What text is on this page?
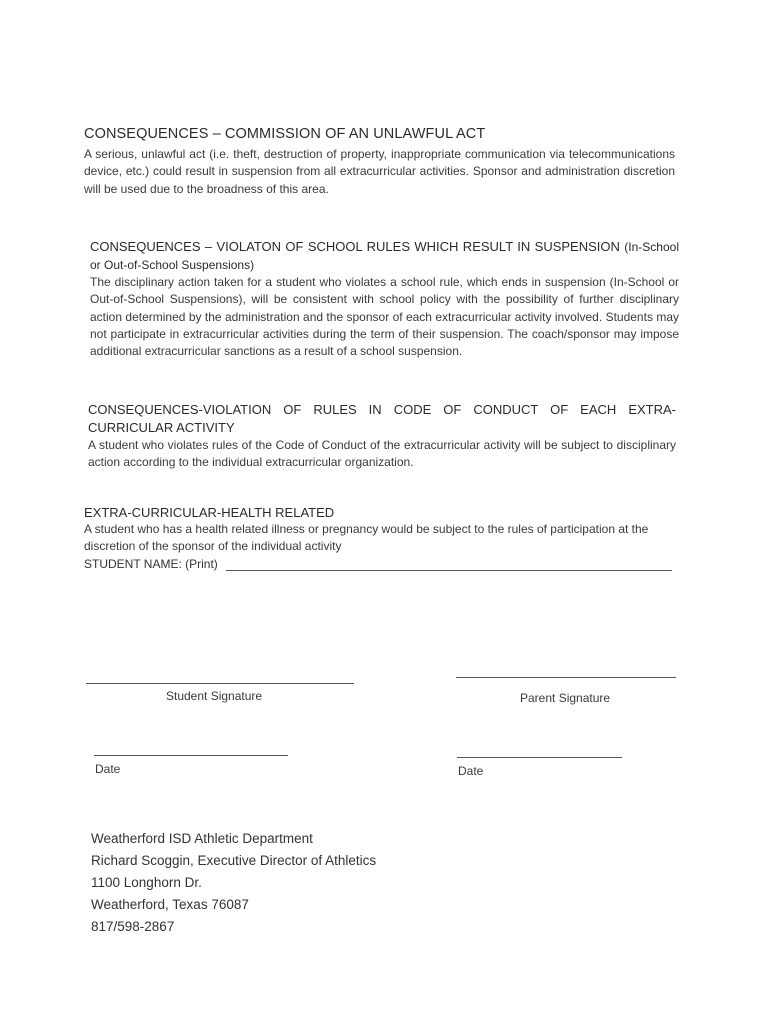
CONSEQUENCES – COMMISSION OF AN UNLAWFUL ACT
A serious, unlawful act (i.e. theft, destruction of property, inappropriate communication via telecommunications device, etc.) could result in suspension from all extracurricular activities. Sponsor and administration discretion will be used due to the broadness of this area.
CONSEQUENCES – VIOLATON OF SCHOOL RULES WHICH RESULT IN SUSPENSION (In-School or Out-of-School Suspensions)
The disciplinary action taken for a student who violates a school rule, which ends in suspension (In-School or Out-of-School Suspensions), will be consistent with school policy with the possibility of further disciplinary action determined by the administration and the sponsor of each extracurricular activity involved. Students may not participate in extracurricular activities during the term of their suspension. The coach/sponsor may impose additional extracurricular sanctions as a result of a school suspension.
CONSEQUENCES-VIOLATION OF RULES IN CODE OF CONDUCT OF EACH EXTRA-CURRICULAR ACTIVITY
A student who violates rules of the Code of Conduct of the extracurricular activity will be subject to disciplinary action according to the individual extracurricular organization.
EXTRA-CURRICULAR-HEALTH RELATED
A student who has a health related illness or pregnancy would be subject to the rules of participation at the discretion of the sponsor of the individual activity
STUDENT NAME: (Print)
Student Signature	Parent Signature
Date	Date
Weatherford ISD Athletic Department
Richard Scoggin, Executive Director of Athletics
1100 Longhorn Dr.
Weatherford, Texas 76087
817/598-2867
